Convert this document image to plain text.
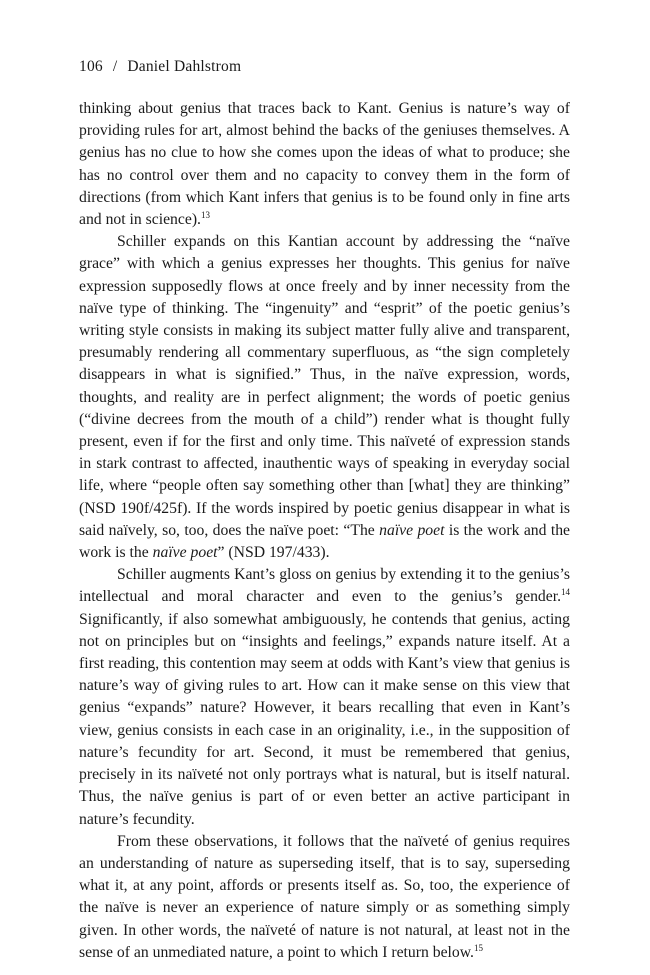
106 / Daniel Dahlstrom

thinking about genius that traces back to Kant. Genius is nature’s way of providing rules for art, almost behind the backs of the geniuses themselves. A genius has no clue to how she comes upon the ideas of what to produce; she has no control over them and no capacity to convey them in the form of directions (from which Kant infers that genius is to be found only in fine arts and not in science).$^{13}$

Schiller expands on this Kantian account by addressing the “naïve grace” with which a genius expresses her thoughts. This genius for naïve expression supposedly flows at once freely and by inner necessity from the naïve type of thinking. The “ingenuity” and “esprit” of the poetic genius’s writing style consists in making its subject matter fully alive and transparent, presumably rendering all commentary superfluous, as “the sign completely disappears in what is signified.” Thus, in the naïve expression, words, thoughts, and reality are in perfect alignment; the words of poetic genius (“divine decrees from the mouth of a child”) render what is thought fully present, even if for the first and only time. This naïveté of expression stands in stark contrast to affected, inauthentic ways of speaking in everyday social life, where “people often say something other than [what] they are thinking” (NSD 190f/425f). If the words inspired by poetic genius disappear in what is said naïvely, so, too, does the naïve poet: “The naïve poet is the work and the work is the naïve poet” (NSD 197/433).

Schiller augments Kant’s gloss on genius by extending it to the genius’s intellectual and moral character and even to the genius’s gender.$^{14}$ Significantly, if also somewhat ambiguously, he contends that genius, acting not on principles but on “insights and feelings,” expands nature itself. At a first reading, this contention may seem at odds with Kant’s view that genius is nature’s way of giving rules to art. How can it make sense on this view that genius “expands” nature? However, it bears recalling that even in Kant’s view, genius consists in each case in an originality, i.e., in the supposition of nature’s fecundity for art. Second, it must be remembered that genius, precisely in its naïveté not only portrays what is natural, but is itself natural. Thus, the naïve genius is part of or even better an active participant in nature’s fecundity.

From these observations, it follows that the naïveté of genius requires an understanding of nature as superseding itself, that is to say, superseding what it, at any point, affords or presents itself as. So, too, the experience of the naïve is never an experience of nature simply or as something simply given. In other words, the naïveté of nature is not natural, at least not in the sense of an unmediated nature, a point to which I return below.$^{15}$
